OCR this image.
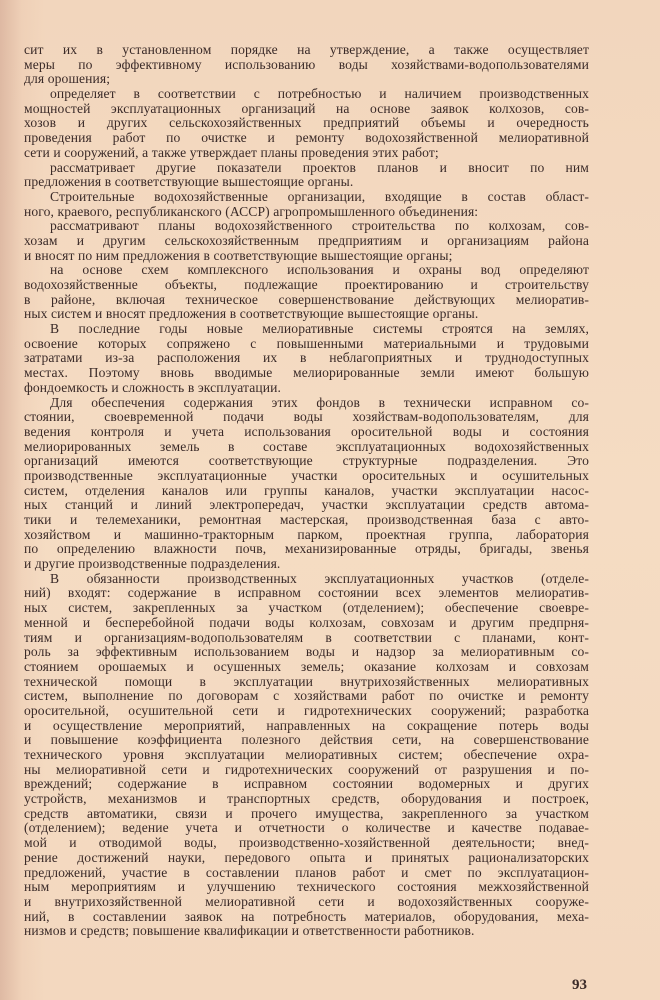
сит их в установленном порядке на утверждение, а также осуществляет
меры по эффективному использованию воды хозяйствами-водопользователями
для орошения;
определяет в соответствии с потребностью и наличием производственных
мощностей эксплуатационных организаций на основе заявок колхозов, сов-
хозов и других сельскохозяйственных предприятий объемы и очередность
проведения работ по очистке и ремонту водохозяйственной мелиоративной
сети и сооружений, а также утверждает планы проведения этих работ;
рассматривает другие показатели проектов планов и вносит по ним
предложения в соответствующие вышестоящие органы.
Строительные водохозяйственные организации, входящие в состав област-
ного, краевого, республиканского (АССР) агропромышленного объединения:
рассматривают планы водохозяйственного строительства по колхозам, сов-
хозам и другим сельскохозяйственным предприятиям и организациям района
и вносят по ним предложения в соответствующие вышестоящие органы;
на основе схем комплексного использования и охраны вод определяют
водохозяйственные объекты, подлежащие проектированию и строительству
в районе, включая техническое совершенствование действующих мелиоратив-
ных систем и вносят предложения в соответствующие вышестоящие органы.
В последние годы новые мелиоративные системы строятся на землях,
освоение которых сопряжено с повышенными материальными и трудовыми
затратами из-за расположения их в неблагоприятных и труднодоступных
местах. Поэтому вновь вводимые мелиорированные земли имеют большую
фондоемкость и сложность в эксплуатации.
Для обеспечения содержания этих фондов в технически исправном со-
стоянии, своевременной подачи воды хозяйствам-водопользователям, для
ведения контроля и учета использования оросительной воды и состояния
мелиорированных земель в составе эксплуатационных водохозяйственных
организаций имеются соответствующие структурные подразделения. Это
производственные эксплуатационные участки оросительных и осушительных
систем, отделения каналов или группы каналов, участки эксплуатации насос-
ных станций и линий электропередач, участки эксплуатации средств автома-
тики и телемеханики, ремонтная мастерская, производственная база с авто-
хозяйством и машинно-тракторным парком, проектная группа, лаборатория
по определению влажности почв, механизированные отряды, бригады, звенья
и другие производственные подразделения.
В обязанности производственных эксплуатационных участков (отделе-
ний) входят: содержание в исправном состоянии всех элементов мелиоратив-
ных систем, закрепленных за участком (отделением); обеспечение своевре-
менной и бесперебойной подачи воды колхозам, совхозам и другим предпрня-
тиям и организациям-водопользователям в соответствии с планами, конт-
роль за эффективным использованием воды и надзор за мелиоративным со-
стоянием орошаемых и осушенных земель; оказание колхозам и совхозам
технической помощи в эксплуатации внутрихозяйственных мелиоративных
систем, выполнение по договорам с хозяйствами работ по очистке и ремонту
оросительной, осушительной сети и гидротехнических сооружений; разработка
и осуществление мероприятий, направленных на сокращение потерь воды
и повышение коэффициента полезного действия сети, на совершенствование
технического уровня эксплуатации мелиоративных систем; обеспечение охра-
ны мелиоративной сети и гидротехнических сооружений от разрушения и по-
вреждений; содержание в исправном состоянии водомерных и других
устройств, механизмов и транспортных средств, оборудования и построек,
средств автоматики, связи и прочего имущества, закрепленного за участком
(отделением); ведение учета и отчетности о количестве и качестве подавае-
мой и отводимой воды, производственно-хозяйственной деятельности; внед-
рение достижений науки, передового опыта и принятых рационализаторских
предложений, участие в составлении планов работ и смет по эксплуатацион-
ным мероприятиям и улучшению технического состояния межхозяйственной
и внутрихозяйственной мелиоративной сети и водохозяйственных сооруже-
ний, в составлении заявок на потребность материалов, оборудования, меха-
низмов и средств; повышение квалификации и ответственности работников.
93
